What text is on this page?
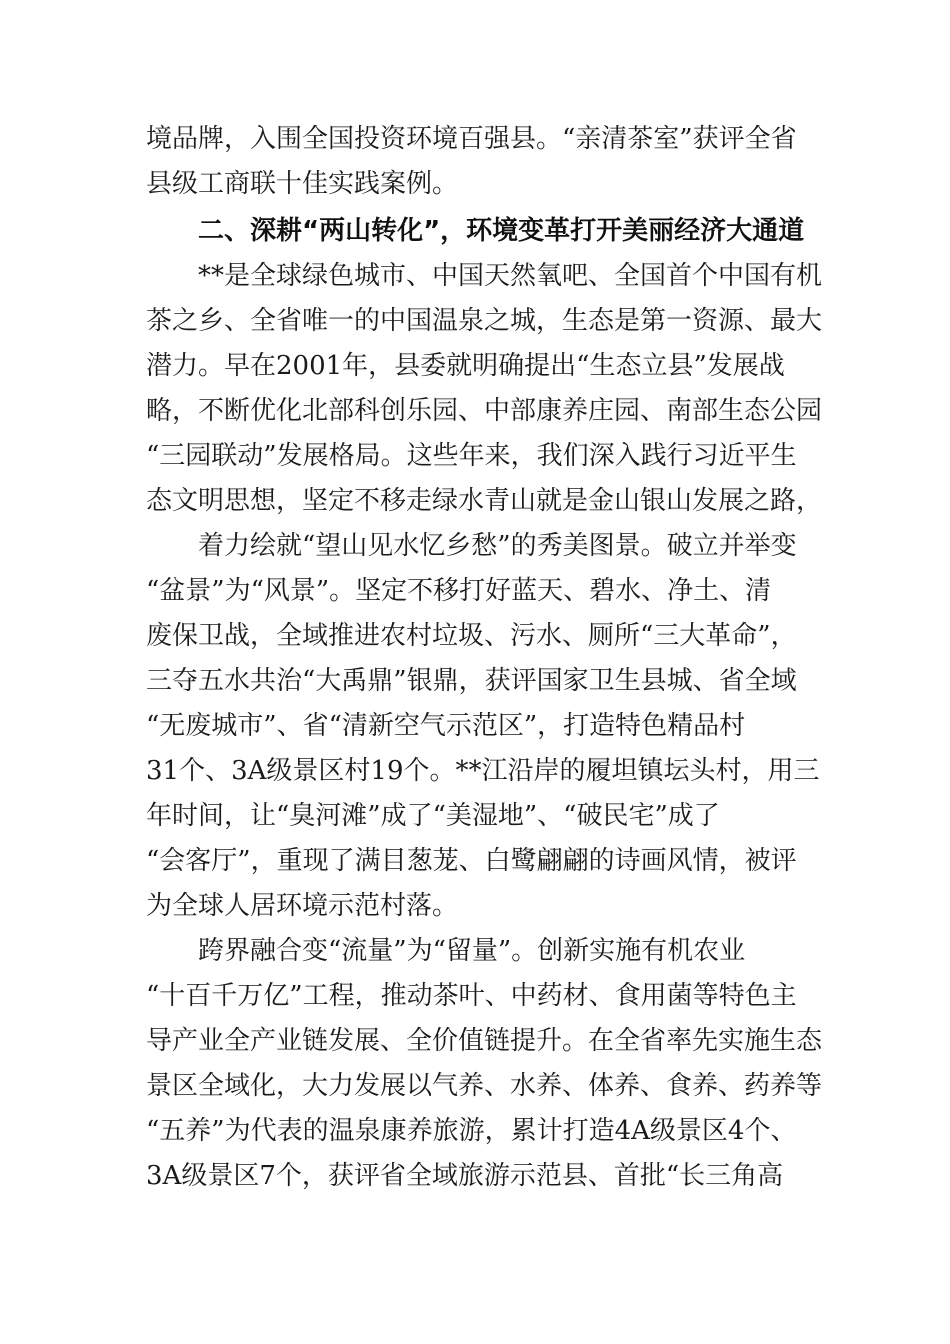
境品牌，入围全国投资环境百强县。“亲清茶室”获评全省
县级工商联十佳实践案例。
　　二、深耕“两山转化”，环境变革打开美丽经济大通道
　　**是全球绿色城市、中国天然氧吧、全国首个中国有机
茶之乡、全省唯一的中国温泉之城，生态是第一资源、最大
潜力。早在2001年，县委就明确提出“生态立县”发展战
略，不断优化北部科创乐园、中部康养庄园、南部生态公园
“三园联动”发展格局。这些年来，我们深入践行习近平生
态文明思想，坚定不移走绿水青山就是金山银山发展之路，
　　着力绘就“望山见水忆乡愁”的秀美图景。破立并举变
“盆景”为“风景”。坚定不移打好蓝天、碧水、净土、清
废保卫战，全域推进农村垃圾、污水、厕所“三大革命”，
三夺五水共治“大禹鼎”银鼎，获评国家卫生县城、省全域
“无废城市”、省“清新空气示范区”，打造特色精品村
31个、3A级景区村19个。**江沿岸的履坦镇坛头村，用三
年时间，让“臭河滩”成了“美湿地”、“破民宅”成了
“会客厅”，重现了满目葱茏、白鹭翩翩的诗画风情，被评
为全球人居环境示范村落。
　　跨界融合变“流量”为“留量”。创新实施有机农业
“十百千万亿”工程，推动茶叶、中药材、食用菌等特色主
导产业全产业链发展、全价值链提升。在全省率先实施生态
景区全域化，大力发展以气养、水养、体养、食养、药养等
“五养”为代表的温泉康养旅游，累计打造4A级景区4个、
3A级景区7个，获评省全域旅游示范县、首批“长三角高
